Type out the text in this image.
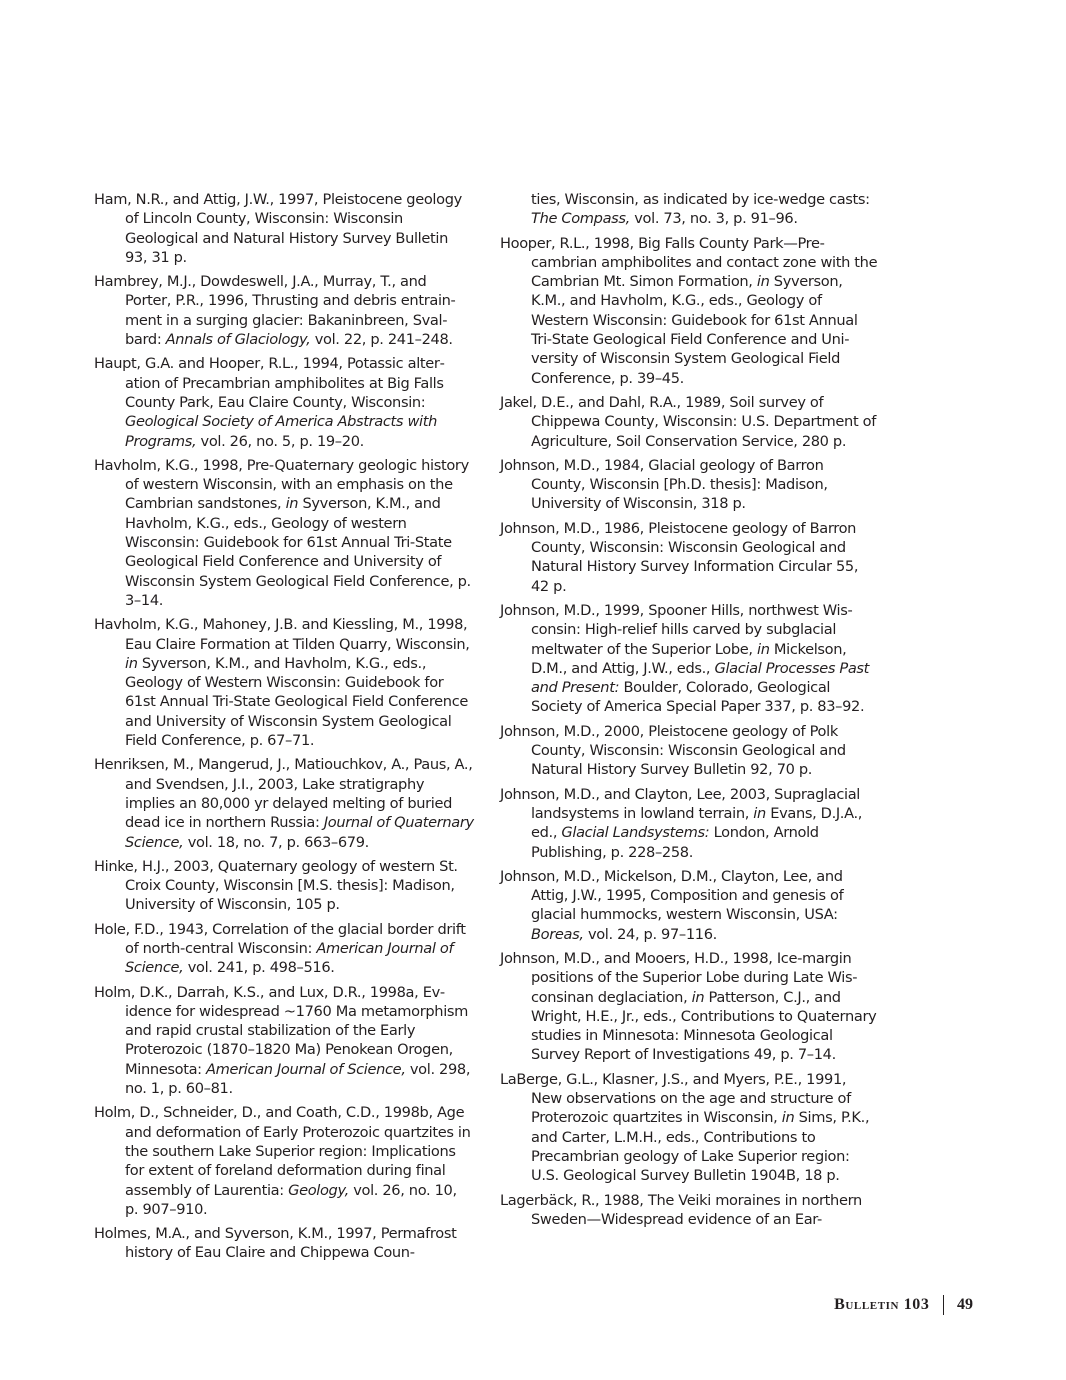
Ham, N.R., and Attig, J.W., 1997, Pleistocene geology of Lincoln County, Wisconsin: Wisconsin Geological and Natural History Survey Bulletin 93, 31 p.

Hambrey, M.J., Dowdeswell, J.A., Murray, T., and Porter, P.R., 1996, Thrusting and debris entrainment in a surging glacier: Bakaninbreen, Svalbard: Annals of Glaciology, vol. 22, p. 241–248.

Haupt, G.A. and Hooper, R.L., 1994, Potassic alteration of Precambrian amphibolites at Big Falls County Park, Eau Claire County, Wisconsin: Geological Society of America Abstracts with Programs, vol. 26, no. 5, p. 19–20.

Havholm, K.G., 1998, Pre-Quaternary geologic history of western Wisconsin, with an emphasis on the Cambrian sandstones, in Syverson, K.M., and Havholm, K.G., eds., Geology of western Wisconsin: Guidebook for 61st Annual Tri-State Geological Field Conference and University of Wisconsin System Geological Field Conference, p. 3–14.

Havholm, K.G., Mahoney, J.B. and Kiessling, M., 1998, Eau Claire Formation at Tilden Quarry, Wisconsin, in Syverson, K.M., and Havholm, K.G., eds., Geology of Western Wisconsin: Guidebook for 61st Annual Tri-State Geological Field Conference and University of Wisconsin System Geological Field Conference, p. 67–71.

Henriksen, M., Mangerud, J., Matiouchkov, A., Paus, A., and Svendsen, J.I., 2003, Lake stratigraphy implies an 80,000 yr delayed melting of buried dead ice in northern Russia: Journal of Quaternary Science, vol. 18, no. 7, p. 663–679.

Hinke, H.J., 2003, Quaternary geology of western St. Croix County, Wisconsin [M.S. thesis]: Madison, University of Wisconsin, 105 p.

Hole, F.D., 1943, Correlation of the glacial border drift of north-central Wisconsin: American Journal of Science, vol. 241, p. 498–516.

Holm, D.K., Darrah, K.S., and Lux, D.R., 1998a, Evidence for widespread ~1760 Ma metamorphism and rapid crustal stabilization of the Early Proterozoic (1870–1820 Ma) Penokean Orogen, Minnesota: American Journal of Science, vol. 298, no. 1, p. 60–81.

Holm, D., Schneider, D., and Coath, C.D., 1998b, Age and deformation of Early Proterozoic quartzites in the southern Lake Superior region: Implications for extent of foreland deformation during final assembly of Laurentia: Geology, vol. 26, no. 10, p. 907–910.

Holmes, M.A., and Syverson, K.M., 1997, Permafrost history of Eau Claire and Chippewa Coun-

ties, Wisconsin, as indicated by ice-wedge casts: The Compass, vol. 73, no. 3, p. 91–96.

Hooper, R.L., 1998, Big Falls County Park—Precambrian amphibolites and contact zone with the Cambrian Mt. Simon Formation, in Syverson, K.M., and Havholm, K.G., eds., Geology of Western Wisconsin: Guidebook for 61st Annual Tri-State Geological Field Conference and University of Wisconsin System Geological Field Conference, p. 39–45.

Jakel, D.E., and Dahl, R.A., 1989, Soil survey of Chippewa County, Wisconsin: U.S. Department of Agriculture, Soil Conservation Service, 280 p.

Johnson, M.D., 1984, Glacial geology of Barron County, Wisconsin [Ph.D. thesis]: Madison, University of Wisconsin, 318 p.

Johnson, M.D., 1986, Pleistocene geology of Barron County, Wisconsin: Wisconsin Geological and Natural History Survey Information Circular 55, 42 p.

Johnson, M.D., 1999, Spooner Hills, northwest Wisconsin: High-relief hills carved by subglacial meltwater of the Superior Lobe, in Mickelson, D.M., and Attig, J.W., eds., Glacial Processes Past and Present: Boulder, Colorado, Geological Society of America Special Paper 337, p. 83–92.

Johnson, M.D., 2000, Pleistocene geology of Polk County, Wisconsin: Wisconsin Geological and Natural History Survey Bulletin 92, 70 p.

Johnson, M.D., and Clayton, Lee, 2003, Supraglacial landsystems in lowland terrain, in Evans, D.J.A., ed., Glacial Landsystems: London, Arnold Publishing, p. 228–258.

Johnson, M.D., Mickelson, D.M., Clayton, Lee, and Attig, J.W., 1995, Composition and genesis of glacial hummocks, western Wisconsin, USA: Boreas, vol. 24, p. 97–116.

Johnson, M.D., and Mooers, H.D., 1998, Ice-margin positions of the Superior Lobe during Late Wisconsinan deglaciation, in Patterson, C.J., and Wright, H.E., Jr., eds., Contributions to Quaternary studies in Minnesota: Minnesota Geological Survey Report of Investigations 49, p. 7–14.

LaBerge, G.L., Klasner, J.S., and Myers, P.E., 1991, New observations on the age and structure of Proterozoic quartzites in Wisconsin, in Sims, P.K., and Carter, L.M.H., eds., Contributions to Precambrian geology of Lake Superior region: U.S. Geological Survey Bulletin 1904B, 18 p.

Lagerbäck, R., 1988, The Veiki moraines in northern Sweden—Widespread evidence of an Ear-

Bulletin 103 49
